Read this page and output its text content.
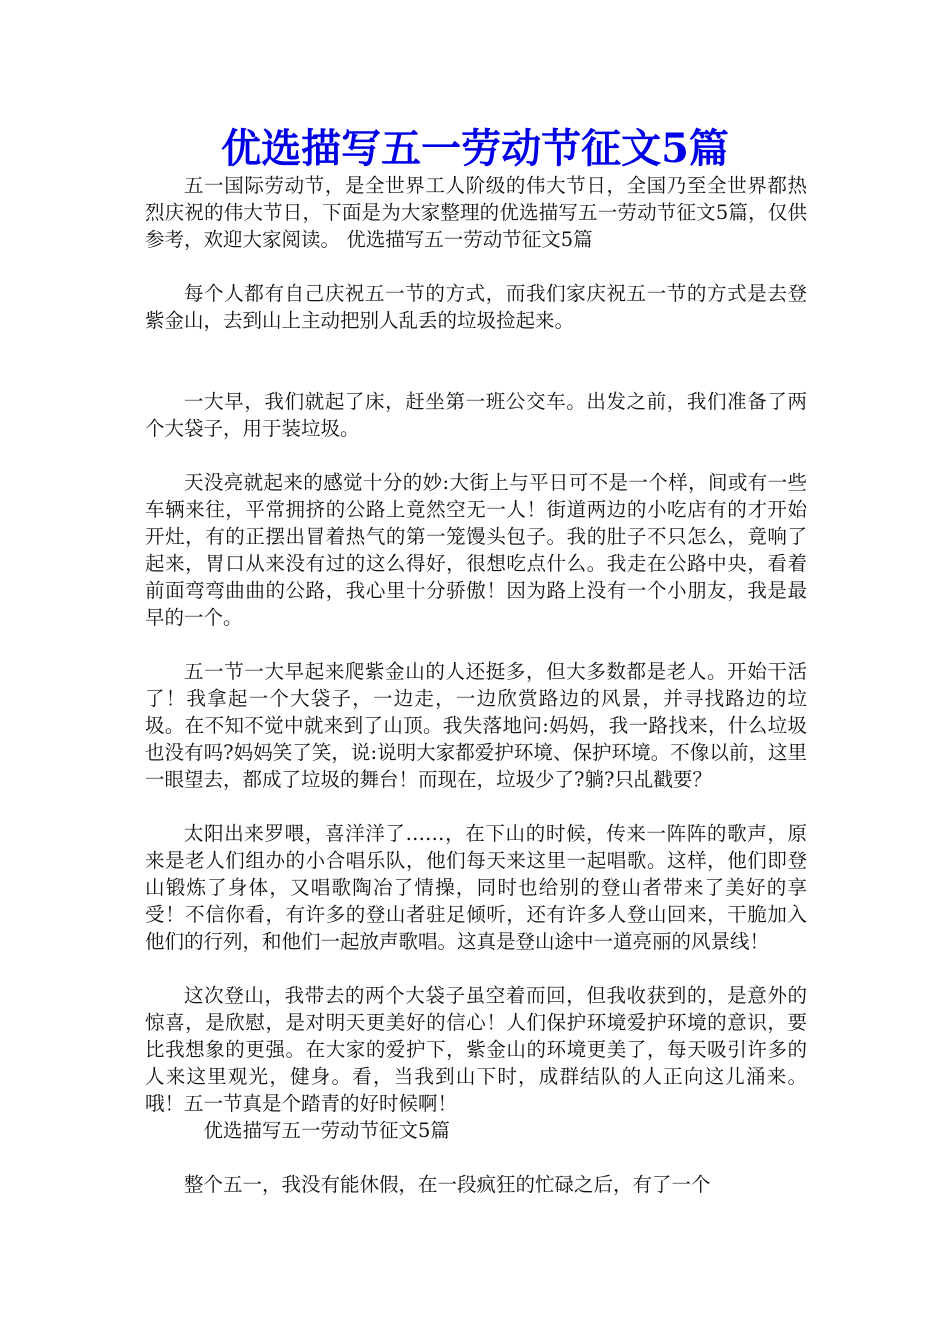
优选描写五一劳动节征文5篇

五一国际劳动节，是全世界工人阶级的伟大节日，全国乃至全世界都热烈庆祝的伟大节日，下面是为大家整理的优选描写五一劳动节征文5篇，仅供参考，欢迎大家阅读。 优选描写五一劳动节征文5篇

每个人都有自己庆祝五一节的方式，而我们家庆祝五一节的方式是去登紫金山，去到山上主动把别人乱丢的垃圾捡起来。

一大早，我们就起了床，赶坐第一班公交车。出发之前，我们准备了两个大袋子，用于装垃圾。

天没亮就起来的感觉十分的妙:大街上与平日可不是一个样，间或有一些车辆来往，平常拥挤的公路上竟然空无一人！街道两边的小吃店有的才开始开灶，有的正摆出冒着热气的第一笼馒头包子。我的肚子不只怎么，竟响了起来，胃口从来没有过的这么得好，很想吃点什么。我走在公路中央，看着前面弯弯曲曲的公路，我心里十分骄傲！因为路上没有一个小朋友，我是最早的一个。

五一节一大早起来爬紫金山的人还挺多，但大多数都是老人。开始干活了！我拿起一个大袋子，一边走，一边欣赏路边的风景，并寻找路边的垃圾。在不知不觉中就来到了山顶。我失落地问:妈妈，我一路找来，什么垃圾也没有吗?妈妈笑了笑，说:说明大家都爱护环境、保护环境。不像以前，这里一眼望去，都成了垃圾的舞台！而现在，垃圾少了?躺?只乩戳要？

太阳出来罗喂，喜洋洋了……，在下山的时候，传来一阵阵的歌声，原来是老人们组办的小合唱乐队，他们每天来这里一起唱歌。这样，他们即登山锻炼了身体，又唱歌陶冶了情操，同时也给别的登山者带来了美好的享受！不信你看，有许多的登山者驻足倾听，还有许多人登山回来，干脆加入他们的行列，和他们一起放声歌唱。这真是登山途中一道亮丽的风景线！

这次登山，我带去的两个大袋子虽空着而回，但我收获到的，是意外的惊喜，是欣慰，是对明天更美好的信心！人们保护环境爱护环境的意识，要比我想象的更强。在大家的爱护下，紫金山的环境更美了，每天吸引许多的人来这里观光，健身。看，当我到山下时，成群结队的人正向这儿涌来。哦！五一节真是个踏青的好时候啊！

优选描写五一劳动节征文5篇

整个五一，我没有能休假，在一段疯狂的忙碌之后，有了一个
